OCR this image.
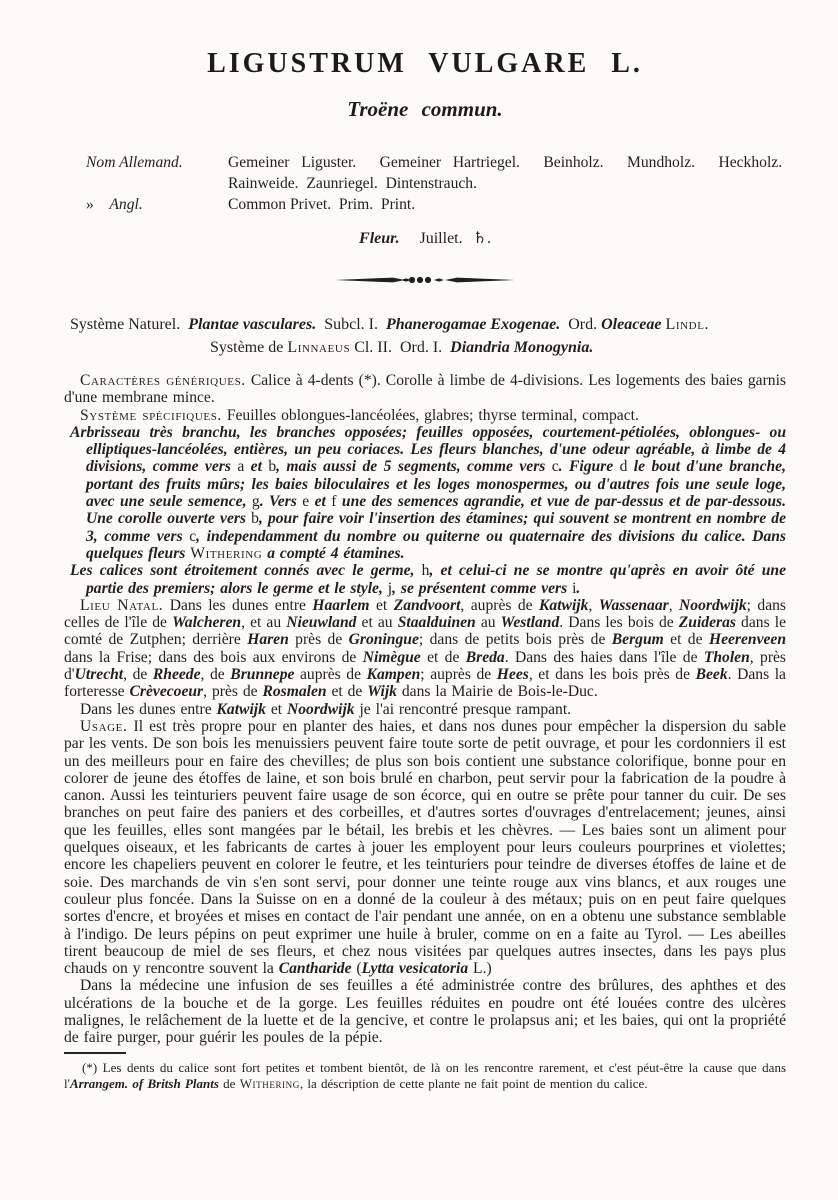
LIGUSTRUM VULGARE L.
Troëne commun.
Nom Allemand.	Gemeiner Liguster.  Gemeiner Hartriegel.  Beinholz.  Mundholz.  Heckholz.  Rainweide.  Zaunriegel.  Dintenstrauch.
»    Angl.	Common Privet.  Prim.  Print.
Fleur.  Juillet. ♄.
Système Naturel.  Plantae vasculares.  Subcl. I.  Phanerogamae Exogenae.  Ord. Oleaceae Lindl.
Système de Linnaeus Cl. II.  Ord. I.  Diandria Monogynia.

Caractères génériques. Calice à 4-dents (*). Corolle à limbe de 4-divisions. Les logements des baies garnis d'une membrane mince.

Système spécifiques. Feuilles oblongues-lancéolées, glabres; thyrse terminal, compact.

Arbrisseau très branchu, les branches opposées; feuilles opposées, courtement-pétiolées, oblongues- ou elliptiques-lancéolées, entières, un peu coriaces. Les fleurs blanches, d'une odeur agréable, à limbe de 4 divisions, comme vers a et b, mais aussi de 5 segments, comme vers c. Figure d le bout d'une branche, portant des fruits mûrs; les baies biloculaires et les loges monospermes, ou d'autres fois une seule loge, avec une seule semence, g. Vers e et f une des semences agrandie, et vue de par-dessus et de par-dessous. Une corolle ouverte vers b, pour faire voir l'insertion des étamines; qui souvent se montrent en nombre de 3, comme vers c, independamment du nombre ou quiterne ou quaternaire des divisions du calice. Dans quelques fleurs Withering a compté 4 étamines.

Les calices sont étroitement connés avec le germe, h, et celui-ci ne se montre qu'après en avoir ôté une partie des premiers; alors le germe et le style, j, se présentent comme vers i.

Lieu Natal. Dans les dunes entre Haarlem et Zandvoort, auprès de Katwijk, Wassenaar, Noordwijk; dans celles de l'île de Walcheren, et au Nieuwland et au Staalduinen au Westland. Dans les bois de Zuideras dans le comté de Zutphen; derrière Haren près de Groningue; dans de petits bois près de Bergum et de Heerenveen dans la Frise; dans des bois aux environs de Nimègue et de Breda. Dans des haies dans l'île de Tholen, près d'Utrecht, de Rheede, de Brunnepe auprès de Kampen; auprès de Hees, et dans les bois près de Beek. Dans la forteresse Crèvecoeur, près de Rosmalen et de Wijk dans la Mairie de Bois-le-Duc.

Dans les dunes entre Katwijk et Noordwijk je l'ai rencontré presque rampant.

Usage. Il est très propre pour en planter des haies, et dans nos dunes pour empêcher la dispersion du sable par les vents. De son bois les menuissiers peuvent faire toute sorte de petit ouvrage, et pour les cordonniers il est un des meilleurs pour en faire des chevilles; de plus son bois contient une substance colorifique, bonne pour en colorer de jeune des étoffes de laine, et son bois brulé en charbon, peut servir pour la fabrication de la poudre à canon. Aussi les teinturiers peuvent faire usage de son écorce, qui en outre se prête pour tanner du cuir. De ses branches on peut faire des paniers et des corbeilles, et d'autres sortes d'ouvrages d'entrelacement; jeunes, ainsi que les feuilles, elles sont mangées par le bétail, les brebis et les chèvres. — Les baies sont un aliment pour quelques oiseaux, et les fabricants de cartes à jouer les employent pour leurs couleurs pourprines et violettes; encore les chapeliers peuvent en colorer le feutre, et les teinturiers pour teindre de diverses étoffes de laine et de soie. Des marchands de vin s'en sont servi, pour donner une teinte rouge aux vins blancs, et aux rouges une couleur plus foncée. Dans la Suisse on en a donné de la couleur à des métaux; puis on en peut faire quelques sortes d'encre, et broyées et mises en contact de l'air pendant une année, on en a obtenu une substance semblable à l'indigo. De leurs pépins on peut exprimer une huile à bruler, comme on en a faite au Tyrol. — Les abeilles tirent beaucoup de miel de ses fleurs, et chez nous visitées par quelques autres insectes, dans les pays plus chauds on y rencontre souvent la Cantharide (Lytta vesicatoria L.)

Dans la médecine une infusion de ses feuilles a été administrée contre des brûlures, des aphthes et des ulcérations de la bouche et de la gorge. Les feuilles réduites en poudre ont été louées contre des ulcères malignes, le relâchement de la luette et de la gencive, et contre le prolapsus ani; et les baies, qui ont la propriété de faire purger, pour guérir les poules de la pépie.

(*) Les dents du calice sont fort petites et tombent bientôt, de là on les rencontre rarement, et c'est péut-être la cause que dans l'Arrangem. of Britsh Plants de Withering, la déscription de cette plante ne fait point de mention du calice.
